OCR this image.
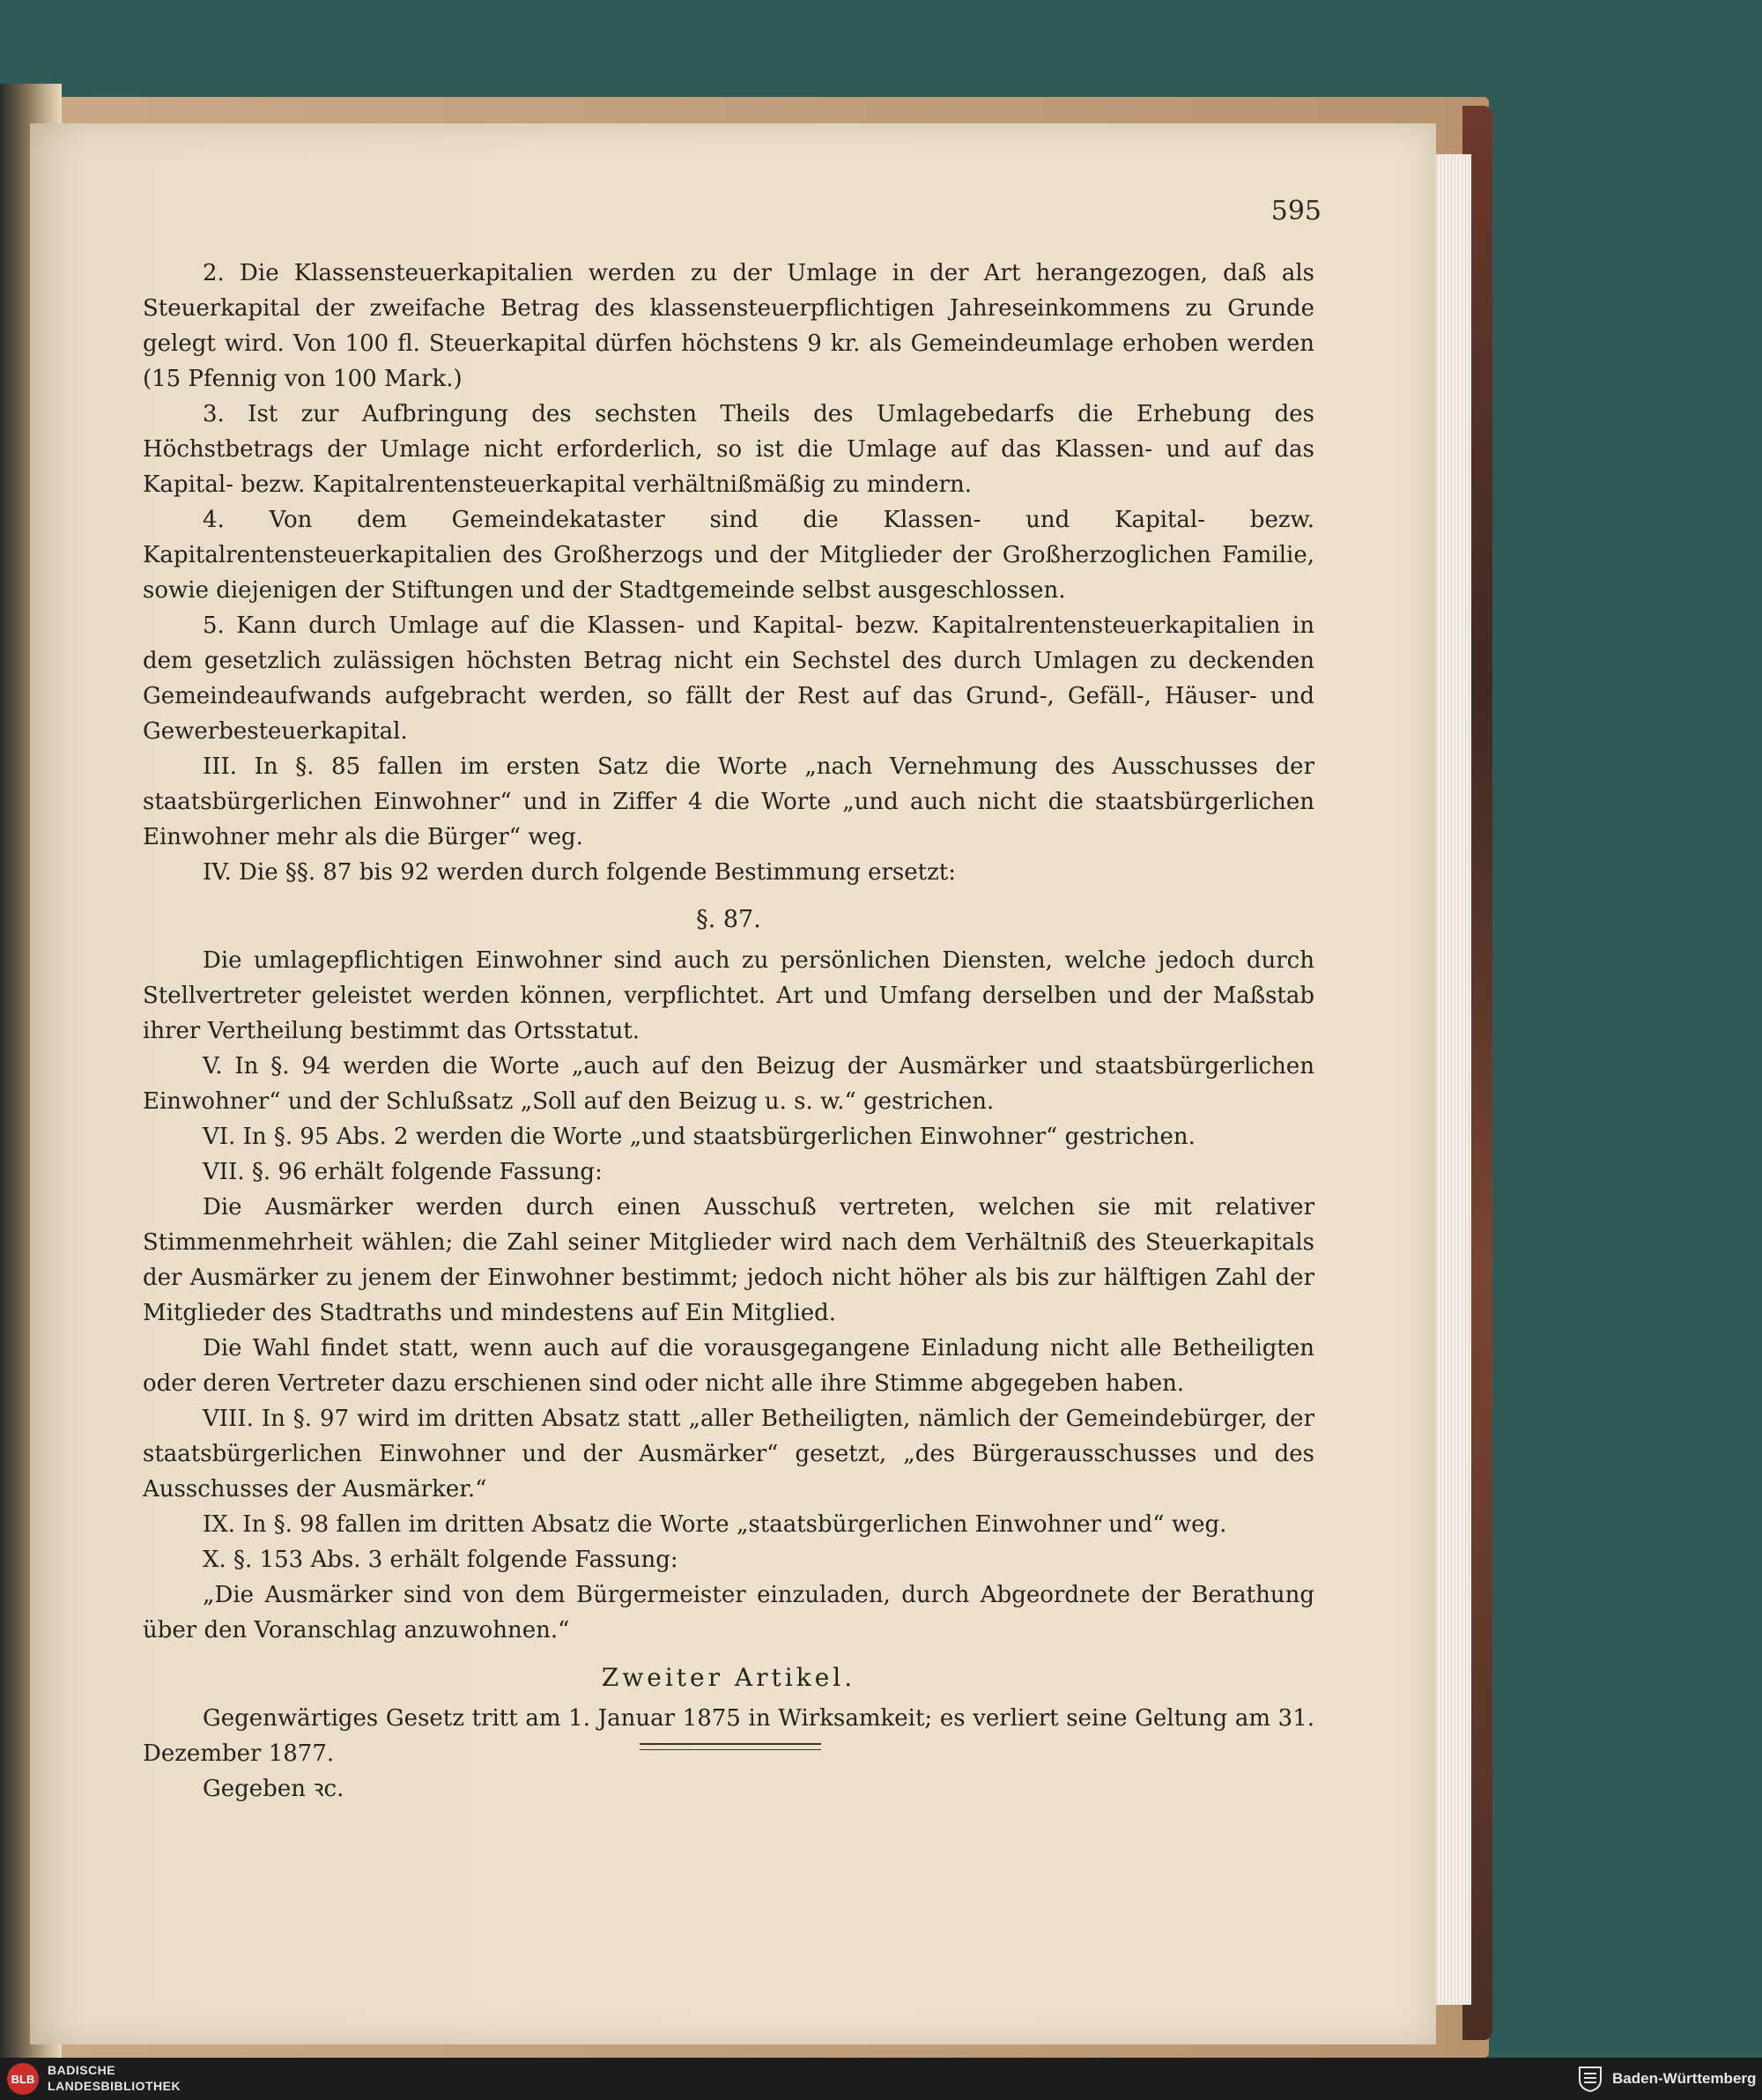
595

2. Die Klassensteuerkapitalien werden zu der Umlage in der Art herangezogen, daß als Steuerkapital der zweifache Betrag des klassensteuerpflichtigen Jahreseinkommens zu Grunde gelegt wird. Von 100 fl. Steuerkapital dürfen höchstens 9 kr. als Gemeindeumlage erhoben werden (15 Pfennig von 100 Mark.)

3. Ist zur Aufbringung des sechsten Theils des Umlagebedarfs die Erhebung des Höchstbetrags der Umlage nicht erforderlich, so ist die Umlage auf das Klassen- und auf das Kapital- bezw. Kapitalrentensteuerkapital verhältnißmäßig zu mindern.

4. Von dem Gemeindekataster sind die Klassen- und Kapital- bezw. Kapitalrentensteuerkapitalien des Großherzogs und der Mitglieder der Großherzoglichen Familie, sowie diejenigen der Stiftungen und der Stadtgemeinde selbst ausgeschlossen.

5. Kann durch Umlage auf die Klassen- und Kapital- bezw. Kapitalrentensteuerkapitalien in dem gesetzlich zulässigen höchsten Betrag nicht ein Sechstel des durch Umlagen zu deckenden Gemeindeaufwands aufgebracht werden, so fällt der Rest auf das Grund-, Gefäll-, Häuser- und Gewerbesteuerkapital.

III. In §. 85 fallen im ersten Satz die Worte „nach Vernehmung des Ausschusses der staatsbürgerlichen Einwohner“ und in Ziffer 4 die Worte „und auch nicht die staatsbürgerlichen Einwohner mehr als die Bürger“ weg.

IV. Die §§. 87 bis 92 werden durch folgende Bestimmung ersetzt:

§. 87.

Die umlagepflichtigen Einwohner sind auch zu persönlichen Diensten, welche jedoch durch Stellvertreter geleistet werden können, verpflichtet. Art und Umfang derselben und der Maßstab ihrer Vertheilung bestimmt das Ortsstatut.

V. In §. 94 werden die Worte „auch auf den Beizug der Ausmärker und staatsbürgerlichen Einwohner“ und der Schlußsatz „Soll auf den Beizug u. s. w.“ gestrichen.

VI. In §. 95 Abs. 2 werden die Worte „und staatsbürgerlichen Einwohner“ gestrichen.

VII. §. 96 erhält folgende Fassung:

Die Ausmärker werden durch einen Ausschuß vertreten, welchen sie mit relativer Stimmenmehrheit wählen; die Zahl seiner Mitglieder wird nach dem Verhältniß des Steuerkapitals der Ausmärker zu jenem der Einwohner bestimmt; jedoch nicht höher als bis zur hälftigen Zahl der Mitglieder des Stadtraths und mindestens auf Ein Mitglied.

Die Wahl findet statt, wenn auch auf die vorausgegangene Einladung nicht alle Betheiligten oder deren Vertreter dazu erschienen sind oder nicht alle ihre Stimme abgegeben haben.

VIII. In §. 97 wird im dritten Absatz statt „aller Betheiligten, nämlich der Gemeindebürger, der staatsbürgerlichen Einwohner und der Ausmärker“ gesetzt, „des Bürgerausschusses und des Ausschusses der Ausmärker.“

IX. In §. 98 fallen im dritten Absatz die Worte „staatsbürgerlichen Einwohner und“ weg.

X. §. 153 Abs. 3 erhält folgende Fassung:

„Die Ausmärker sind von dem Bürgermeister einzuladen, durch Abgeordnete der Berathung über den Voranschlag anzuwohnen.“

Zweiter Artikel.

Gegenwärtiges Gesetz tritt am 1. Januar 1875 in Wirksamkeit; es verliert seine Geltung am 31. Dezember 1877.

Gegeben ꝛc.

BLB
BADISCHE
LANDESBIBLIOTHEK	Baden-Württemberg
